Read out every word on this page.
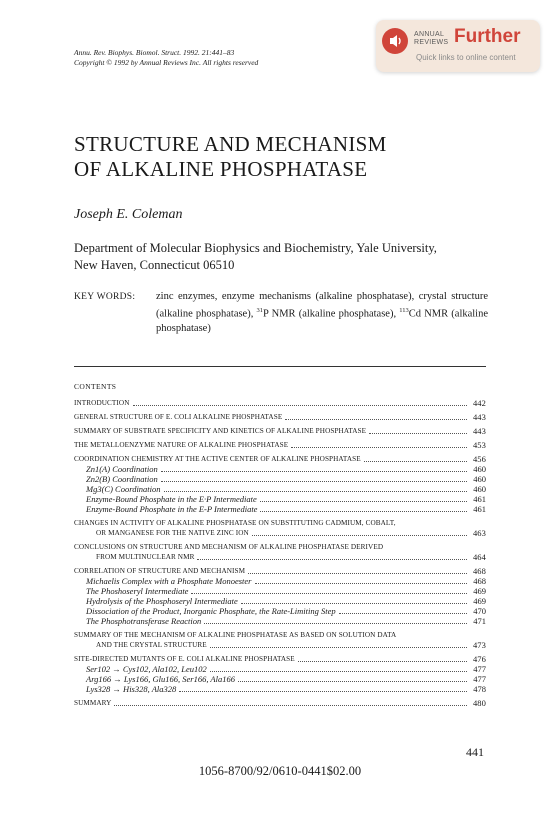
Annu. Rev. Biophys. Biomol. Struct. 1992. 21:441–83
Copyright © 1992 by Annual Reviews Inc. All rights reserved
ANNUAL
REVIEWS Further
Quick links to online content
STRUCTURE AND MECHANISM
OF ALKALINE PHOSPHATASE
Joseph E. Coleman
Department of Molecular Biophysics and Biochemistry, Yale University,
New Haven, Connecticut 06510
KEY WORDS: zinc enzymes, enzyme mechanisms (alkaline phosphatase), crystal structure (alkaline phosphatase), $^{31}$P NMR (alkaline phosphatase), $^{113}$Cd NMR (alkaline phosphatase)
CONTENTS
INTRODUCTION	442
GENERAL STRUCTURE OF E. COLI ALKALINE PHOSPHATASE	443
SUMMARY OF SUBSTRATE SPECIFICITY AND KINETICS OF ALKALINE PHOSPHATASE	443
THE METALLOENZYME NATURE OF ALKALINE PHOSPHATASE	453
COORDINATION CHEMISTRY AT THE ACTIVE CENTER OF ALKALINE PHOSPHATASE	456
Zn1(A) Coordination	460
Zn2(B) Coordination	460
Mg3(C) Coordination	460
Enzyme-Bound Phosphate in the E·P Intermediate	461
Enzyme-Bound Phosphate in the E-P Intermediate	461
CHANGES IN ACTIVITY OF ALKALINE PHOSPHATASE ON SUBSTITUTING CADMIUM, COBALT,
OR MANGANESE FOR THE NATIVE ZINC ION	463
CONCLUSIONS ON STRUCTURE AND MECHANISM OF ALKALINE PHOSPHATASE DERIVED
FROM MULTINUCLEAR NMR	464
CORRELATION OF STRUCTURE AND MECHANISM	468
Michaelis Complex with a Phosphate Monoester	468
The Phoshoseryl Intermediate	469
Hydrolysis of the Phosphoseryl Intermediate	469
Dissociation of the Product, Inorganic Phosphate, the Rate-Limiting Step	470
The Phosphotransferase Reaction	471
SUMMARY OF THE MECHANISM OF ALKALINE PHOSPHATASE AS BASED ON SOLUTION DATA
AND THE CRYSTAL STRUCTURE	473
SITE-DIRECTED MUTANTS OF E. COLI ALKALINE PHOSPHATASE	476
Ser102 → Cys102, Ala102, Leu102	477
Arg166 → Lys166, Glu166, Ser166, Ala166	477
Lys328 → His328, Ala328	478
SUMMARY	480
441
1056-8700/92/0610-0441$02.00
